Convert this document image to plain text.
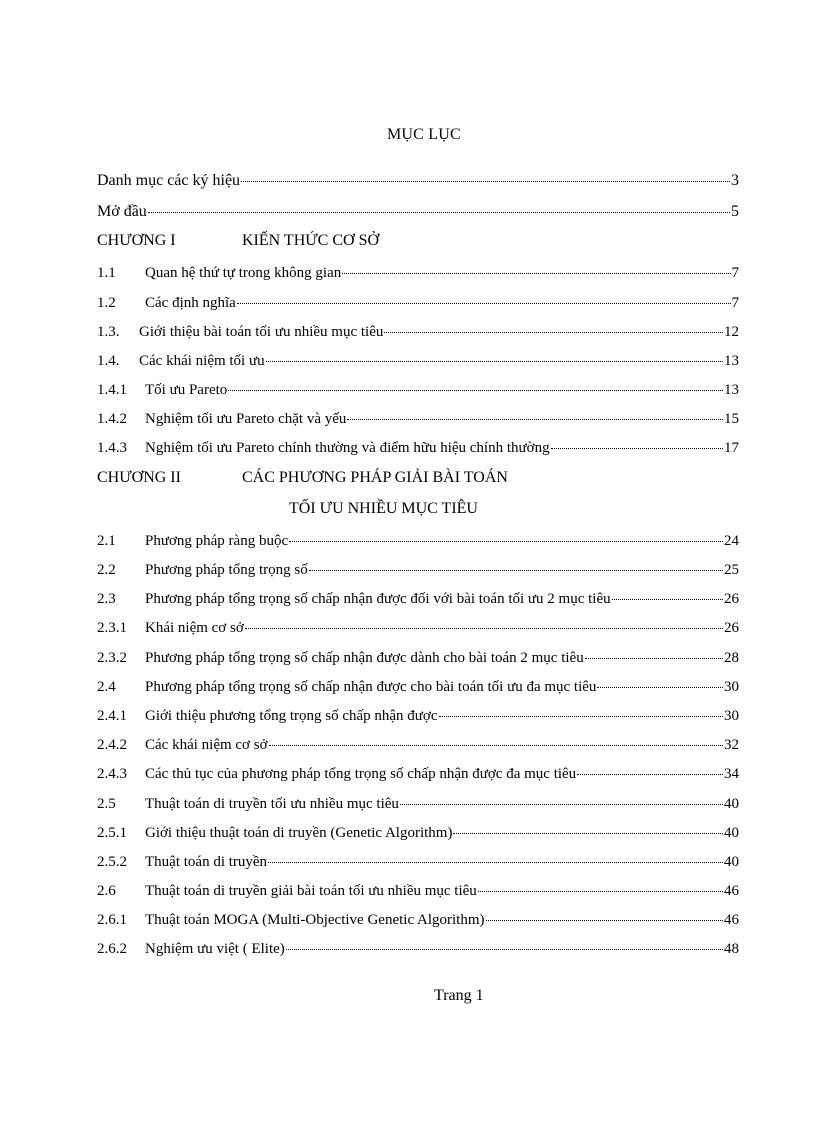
MỤC LỤC
Danh mục các ký hiệu	3
Mở đầu	5
CHƯƠNG I	KIẾN THỨC CƠ SỞ
1.1	Quan hệ thứ tự trong không gian	7
1.2	Các định nghĩa	7
1.3.	Giới thiệu bài toán tối ưu nhiều mục tiêu	12
1.4.	Các khái niệm tối ưu	13
1.4.1	Tối ưu Pareto	13
1.4.2	Nghiệm tối ưu Pareto chặt và yếu	15
1.4.3	Nghiệm tối ưu Pareto chính thường và điểm hữu hiệu chính thường	17
CHƯƠNG II	CÁC PHƯƠNG PHÁP GIẢI BÀI TOÁN
TỐI ƯU NHIỀU MỤC TIÊU
2.1	Phương pháp ràng buộc	24
2.2	Phương pháp tổng trọng số	25
2.3	Phương pháp tổng trọng số chấp nhận được đối với bài toán tối ưu 2 mục tiêu	26
2.3.1	Khái niệm cơ sở	26
2.3.2	Phương pháp tổng trọng số chấp nhận được dành cho bài toán 2 mục tiêu	28
2.4	Phương pháp tổng trọng số chấp nhận được cho bài toán tối ưu đa mục tiêu	30
2.4.1	Giới thiệu phương tổng trọng số chấp nhận được	30
2.4.2	Các khái niệm cơ sở	32
2.4.3	Các thủ tục của phương pháp tổng trọng số chấp nhận được đa mục tiêu	34
2.5	Thuật toán di truyền tối ưu nhiều mục tiêu	40
2.5.1	Giới thiệu thuật toán di truyền (Genetic Algorithm)	40
2.5.2	Thuật toán di truyền	40
2.6	Thuật toán di truyền giải bài toán tối ưu nhiều mục tiêu	46
2.6.1	Thuật toán MOGA (Multi-Objective Genetic Algorithm)	46
2.6.2	Nghiệm ưu việt ( Elite)	48
Trang 1
